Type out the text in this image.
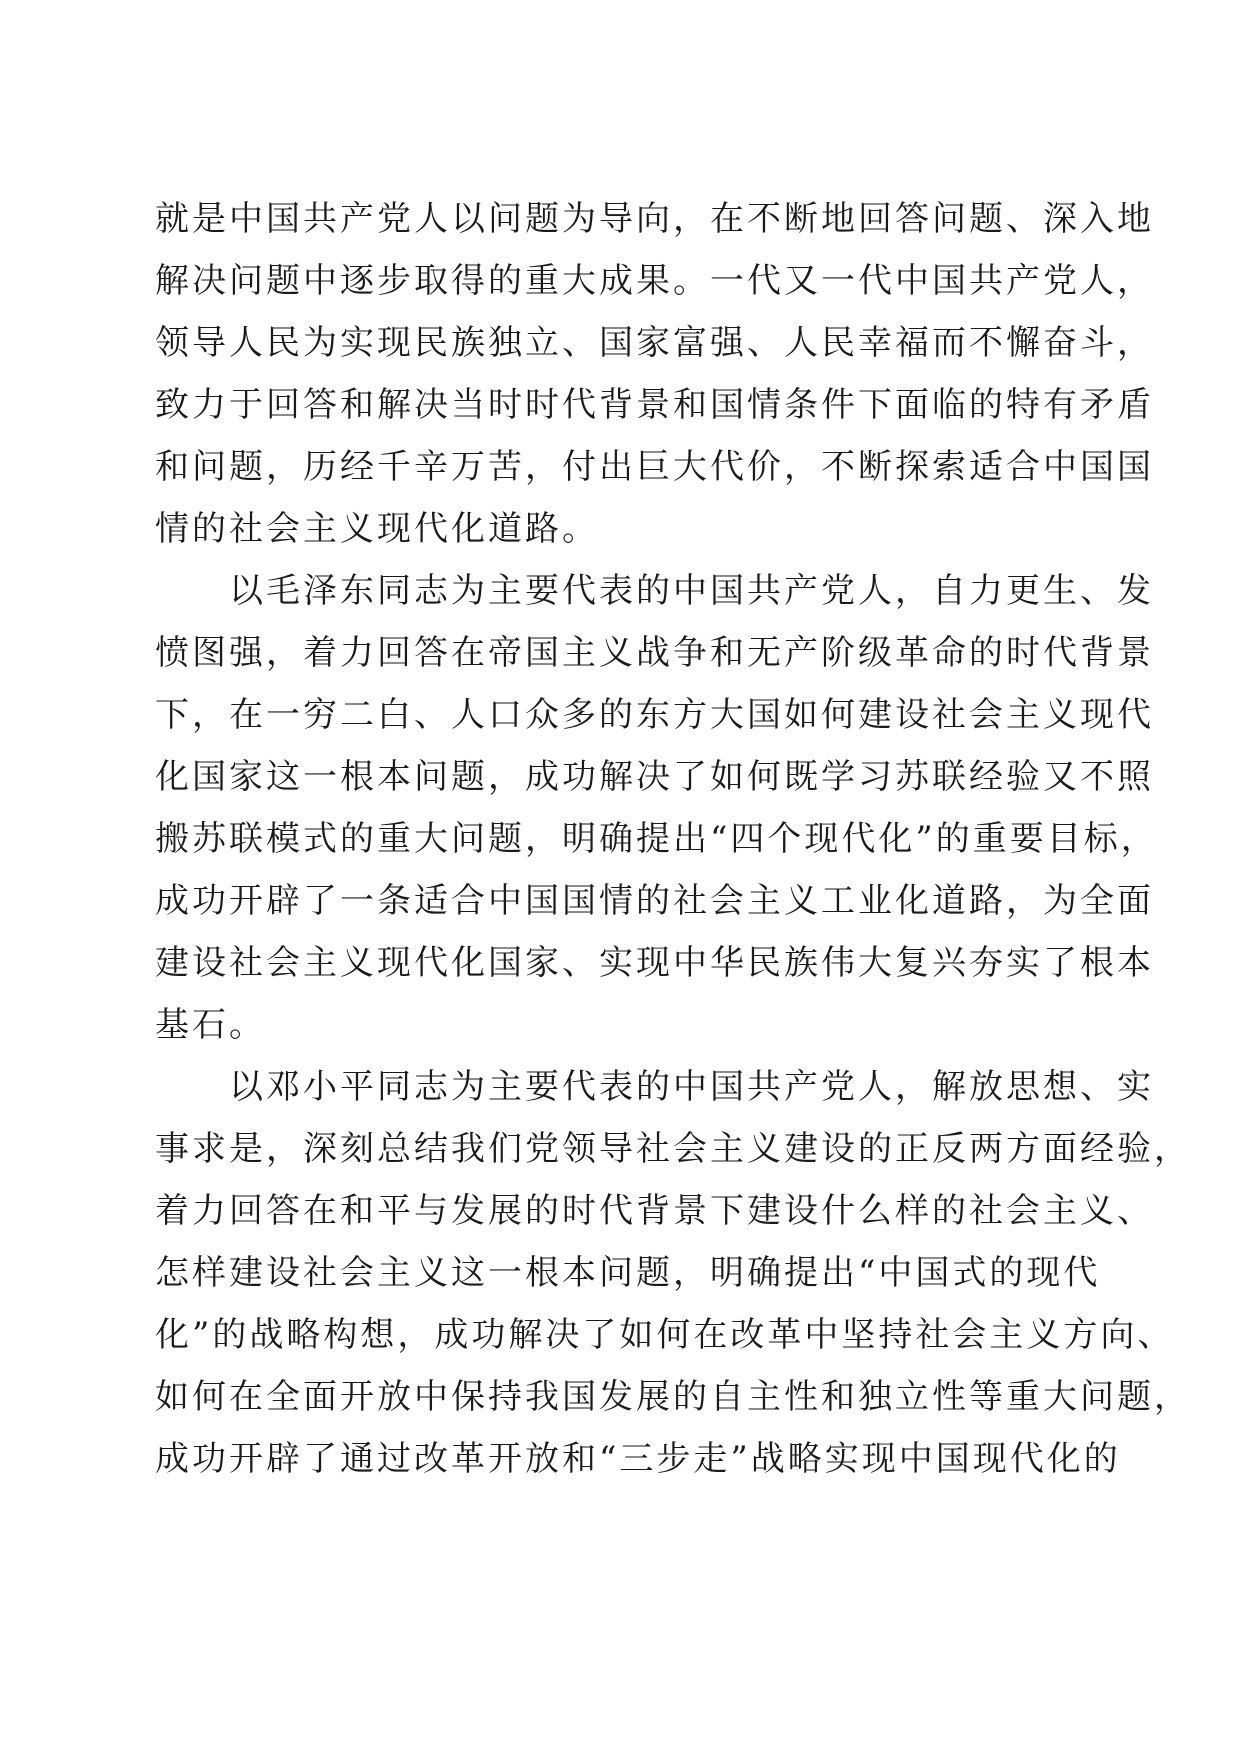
就是中国共产党人以问题为导向，在不断地回答问题、深入地
解决问题中逐步取得的重大成果。一代又一代中国共产党人，
领导人民为实现民族独立、国家富强、人民幸福而不懈奋斗，
致力于回答和解决当时时代背景和国情条件下面临的特有矛盾
和问题，历经千辛万苦，付出巨大代价，不断探索适合中国国
情的社会主义现代化道路。
以毛泽东同志为主要代表的中国共产党人，自力更生、发
愤图强，着力回答在帝国主义战争和无产阶级革命的时代背景
下，在一穷二白、人口众多的东方大国如何建设社会主义现代
化国家这一根本问题，成功解决了如何既学习苏联经验又不照
搬苏联模式的重大问题，明确提出“四个现代化”的重要目标，
成功开辟了一条适合中国国情的社会主义工业化道路，为全面
建设社会主义现代化国家、实现中华民族伟大复兴夯实了根本
基石。
以邓小平同志为主要代表的中国共产党人，解放思想、实
事求是，深刻总结我们党领导社会主义建设的正反两方面经验，
着力回答在和平与发展的时代背景下建设什么样的社会主义、
怎样建设社会主义这一根本问题，明确提出“中国式的现代
化”的战略构想，成功解决了如何在改革中坚持社会主义方向、
如何在全面开放中保持我国发展的自主性和独立性等重大问题，
成功开辟了通过改革开放和“三步走”战略实现中国现代化的
